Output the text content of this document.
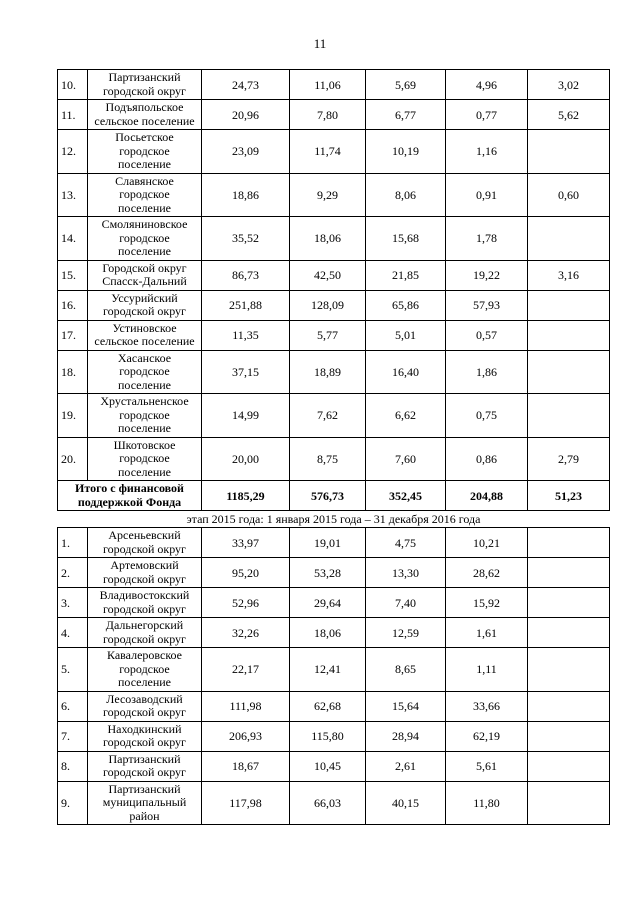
11
10.	Партизанский
городской округ	24,73	11,06	5,69	4,96	3,02
11.	Подъяпольское
сельское поселение	20,96	7,80	6,77	0,77	5,62
12.	Посьетское
городское
поселение	23,09	11,74	10,19	1,16	
13.	Славянское
городское
поселение	18,86	9,29	8,06	0,91	0,60
14.	Смоляниновское
городское
поселение	35,52	18,06	15,68	1,78	
15.	Городской округ
Спасск-Дальний	86,73	42,50	21,85	19,22	3,16
16.	Уссурийский
городской округ	251,88	128,09	65,86	57,93	
17.	Устиновское
сельское поселение	11,35	5,77	5,01	0,57	
18.	Хасанское
городское
поселение	37,15	18,89	16,40	1,86	
19.	Хрустальненское
городское
поселение	14,99	7,62	6,62	0,75	
20.	Шкотовское
городское
поселение	20,00	8,75	7,60	0,86	2,79

Итого с финансовой
поддержкой Фонда		1185,29	576,73	352,45	204,88	51,23
этап 2015 года: 1 января 2015 года – 31 декабря 2016 года						
1.	Арсеньевский
городской округ	33,97	19,01	4,75	10,21	
2.	Артемовский
городской округ	95,20	53,28	13,30	28,62	
3.	Владивостокский
городской округ	52,96	29,64	7,40	15,92	
4.	Дальнегорский
городской округ	32,26	18,06	12,59	1,61	
5.	Кавалеровское
городское
поселение	22,17	12,41	8,65	1,11	
6.	Лесозаводский
городской округ	111,98	62,68	15,64	33,66	
7.	Находкинский
городской округ	206,93	115,80	28,94	62,19	
8.	Партизанский
городской округ	18,67	10,45	2,61	5,61	
9.	Партизанский
муниципальный
район	117,98	66,03	40,15	11,80	
